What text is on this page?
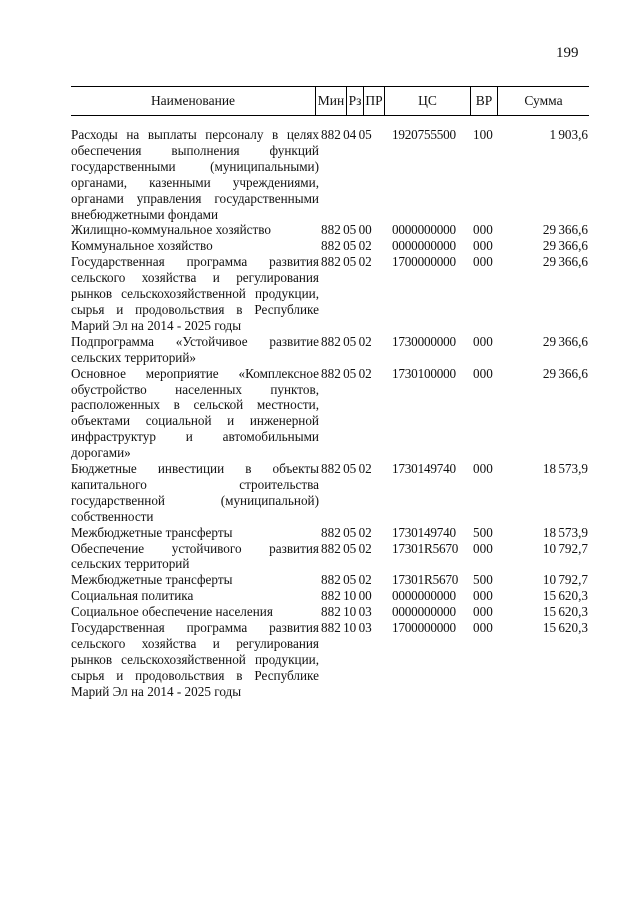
199
Наименование	Мин Рз ПР	ЦС	ВР	Сумма
Расходы на выплаты персоналу в целях обеспечения выполнения функций государственными (муниципальными) органами, казенными учреждениями, органами управления государственными внебюджетными фондами
882 04 05 1920755500 100	1 903,6
Жилищно-коммунальное хозяйство	882 05 00 0000000000 000	29 366,6
Коммунальное хозяйство	882 05 02 0000000000 000	29 366,6
Государственная программа развития сельского хозяйства и регулирования рынков сельскохозяйственной продукции, сырья и продовольствия в Республике Марий Эл на 2014 - 2025 годы
882 05 02 1700000000 000	29 366,6
Подпрограмма «Устойчивое развитие сельских территорий»
882 05 02 1730000000 000	29 366,6
Основное мероприятие «Комплексное обустройство населенных пунктов, расположенных в сельской местности, объектами социальной и инженерной инфраструктур и автомобильными дорогами»
882 05 02 1730100000 000	29 366,6
Бюджетные инвестиции в объекты капитального строительства государственной (муниципальной) собственности
882 05 02 1730149740 000	18 573,9
Межбюджетные трансферты	882 05 02 1730149740 500	18 573,9
Обеспечение устойчивого развития сельских территорий
882 05 02 17301R5670 000	10 792,7
Межбюджетные трансферты	882 05 02 17301R5670 500	10 792,7
Социальная политика	882 10 00 0000000000 000	15 620,3
Социальное обеспечение населения	882 10 03 0000000000 000	15 620,3
Государственная программа развития сельского хозяйства и регулирования рынков сельскохозяйственной продукции, сырья и продовольствия в Республике Марий Эл на 2014 - 2025 годы
882 10 03 1700000000 000	15 620,3
